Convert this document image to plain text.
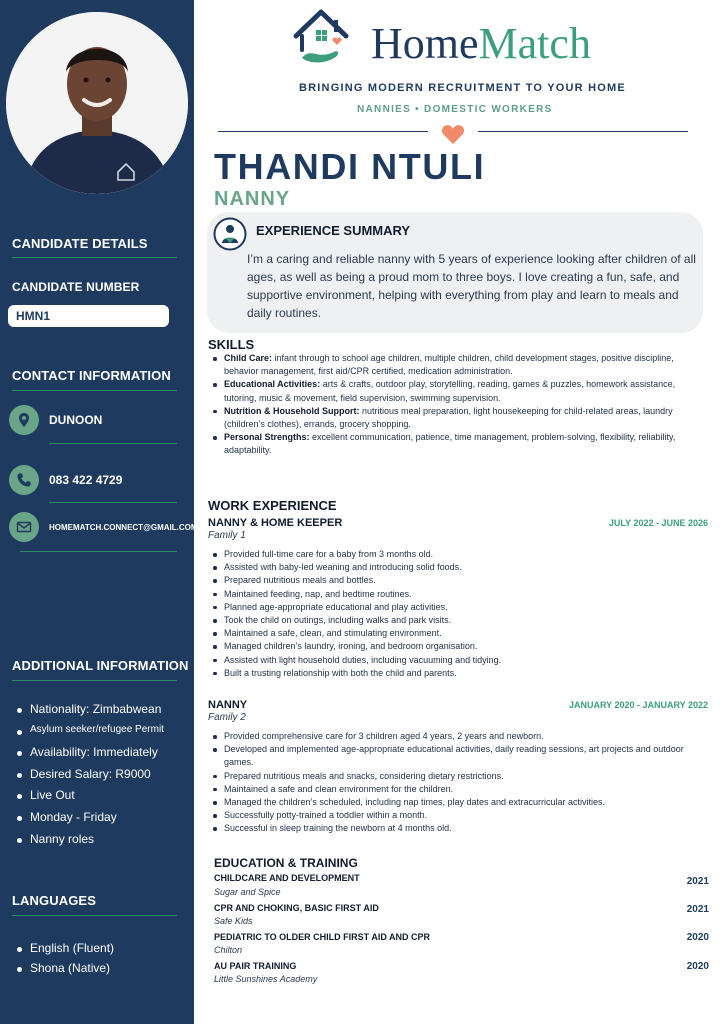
CANDIDATE DETAILS
CANDIDATE NUMBER
HMN1
CONTACT INFORMATION
DUNOON
083 422 4729
HOMEMATCH.CONNECT@GMAIL.COM
ADDITIONAL INFORMATION
Nationality: Zimbabwean
Asylum seeker/refugee Permit
Availability: Immediately
Desired Salary: R9000
Live Out
Monday - Friday
Nanny roles
LANGUAGES
English (Fluent)
Shona (Native)
HomeMatch
BRINGING MODERN RECRUITMENT TO YOUR HOME
NANNIES • DOMESTIC WORKERS
THANDI NTULI
NANNY
EXPERIENCE SUMMARY
I’m a caring and reliable nanny with 5 years of experience looking after children of all ages, as well as being a proud mom to three boys. I love creating a fun, safe, and supportive environment, helping with everything from play and learn to meals and daily routines.
SKILLS
Child Care: infant through to school age children, multiple children, child development stages, positive discipline, behavior management, first aid/CPR certified, medication administration.
Educational Activities: arts & crafts, outdoor play, storytelling, reading, games & puzzles, homework assistance, tutoring, music & movement, field supervision, swimming supervision.
Nutrition & Household Support: nutritious meal preparation, light housekeeping for child-related areas, laundry (children’s clothes), errands, grocery shopping.
Personal Strengths: excellent communication, patience, time management, problem-solving, flexibility, reliability, adaptability.
WORK EXPERIENCE
NANNY & HOME KEEPER	JULY 2022 - JUNE 2026
Family 1
Provided full-time care for a baby from 3 months old.
Assisted with baby-led weaning and introducing solid foods.
Prepared nutritious meals and bottles.
Maintained feeding, nap, and bedtime routines.
Planned age-appropriate educational and play activities.
Took the child on outings, including walks and park visits.
Maintained a safe, clean, and stimulating environment.
Managed children’s laundry, ironing, and bedroom organisation.
Assisted with light household duties, including vacuuming and tidying.
Built a trusting relationship with both the child and parents.
NANNY	JANUARY 2020 - JANUARY 2022
Family 2
Provided comprehensive care for 3 children aged 4 years, 2 years and newborn.
Developed and implemented age-appropriate educational activities, daily reading sessions, art projects and outdoor games.
Prepared nutritious meals and snacks, considering dietary restrictions.
Maintained a safe and clean environment for the children.
Managed the children’s scheduled, including nap times, play dates and extracurricular activities.
Successfully potty-trained a toddler within a month.
Successful in sleep training the newborn at 4 months old.
EDUCATION & TRAINING
CHILDCARE AND DEVELOPMENT	2021
Sugar and Spice
CPR AND CHOKING, BASIC FIRST AID	2021
Safe Kids
PEDIATRIC TO OLDER CHILD FIRST AID AND CPR	2020
Chilton
AU PAIR TRAINING	2020
Little Sunshines Academy
